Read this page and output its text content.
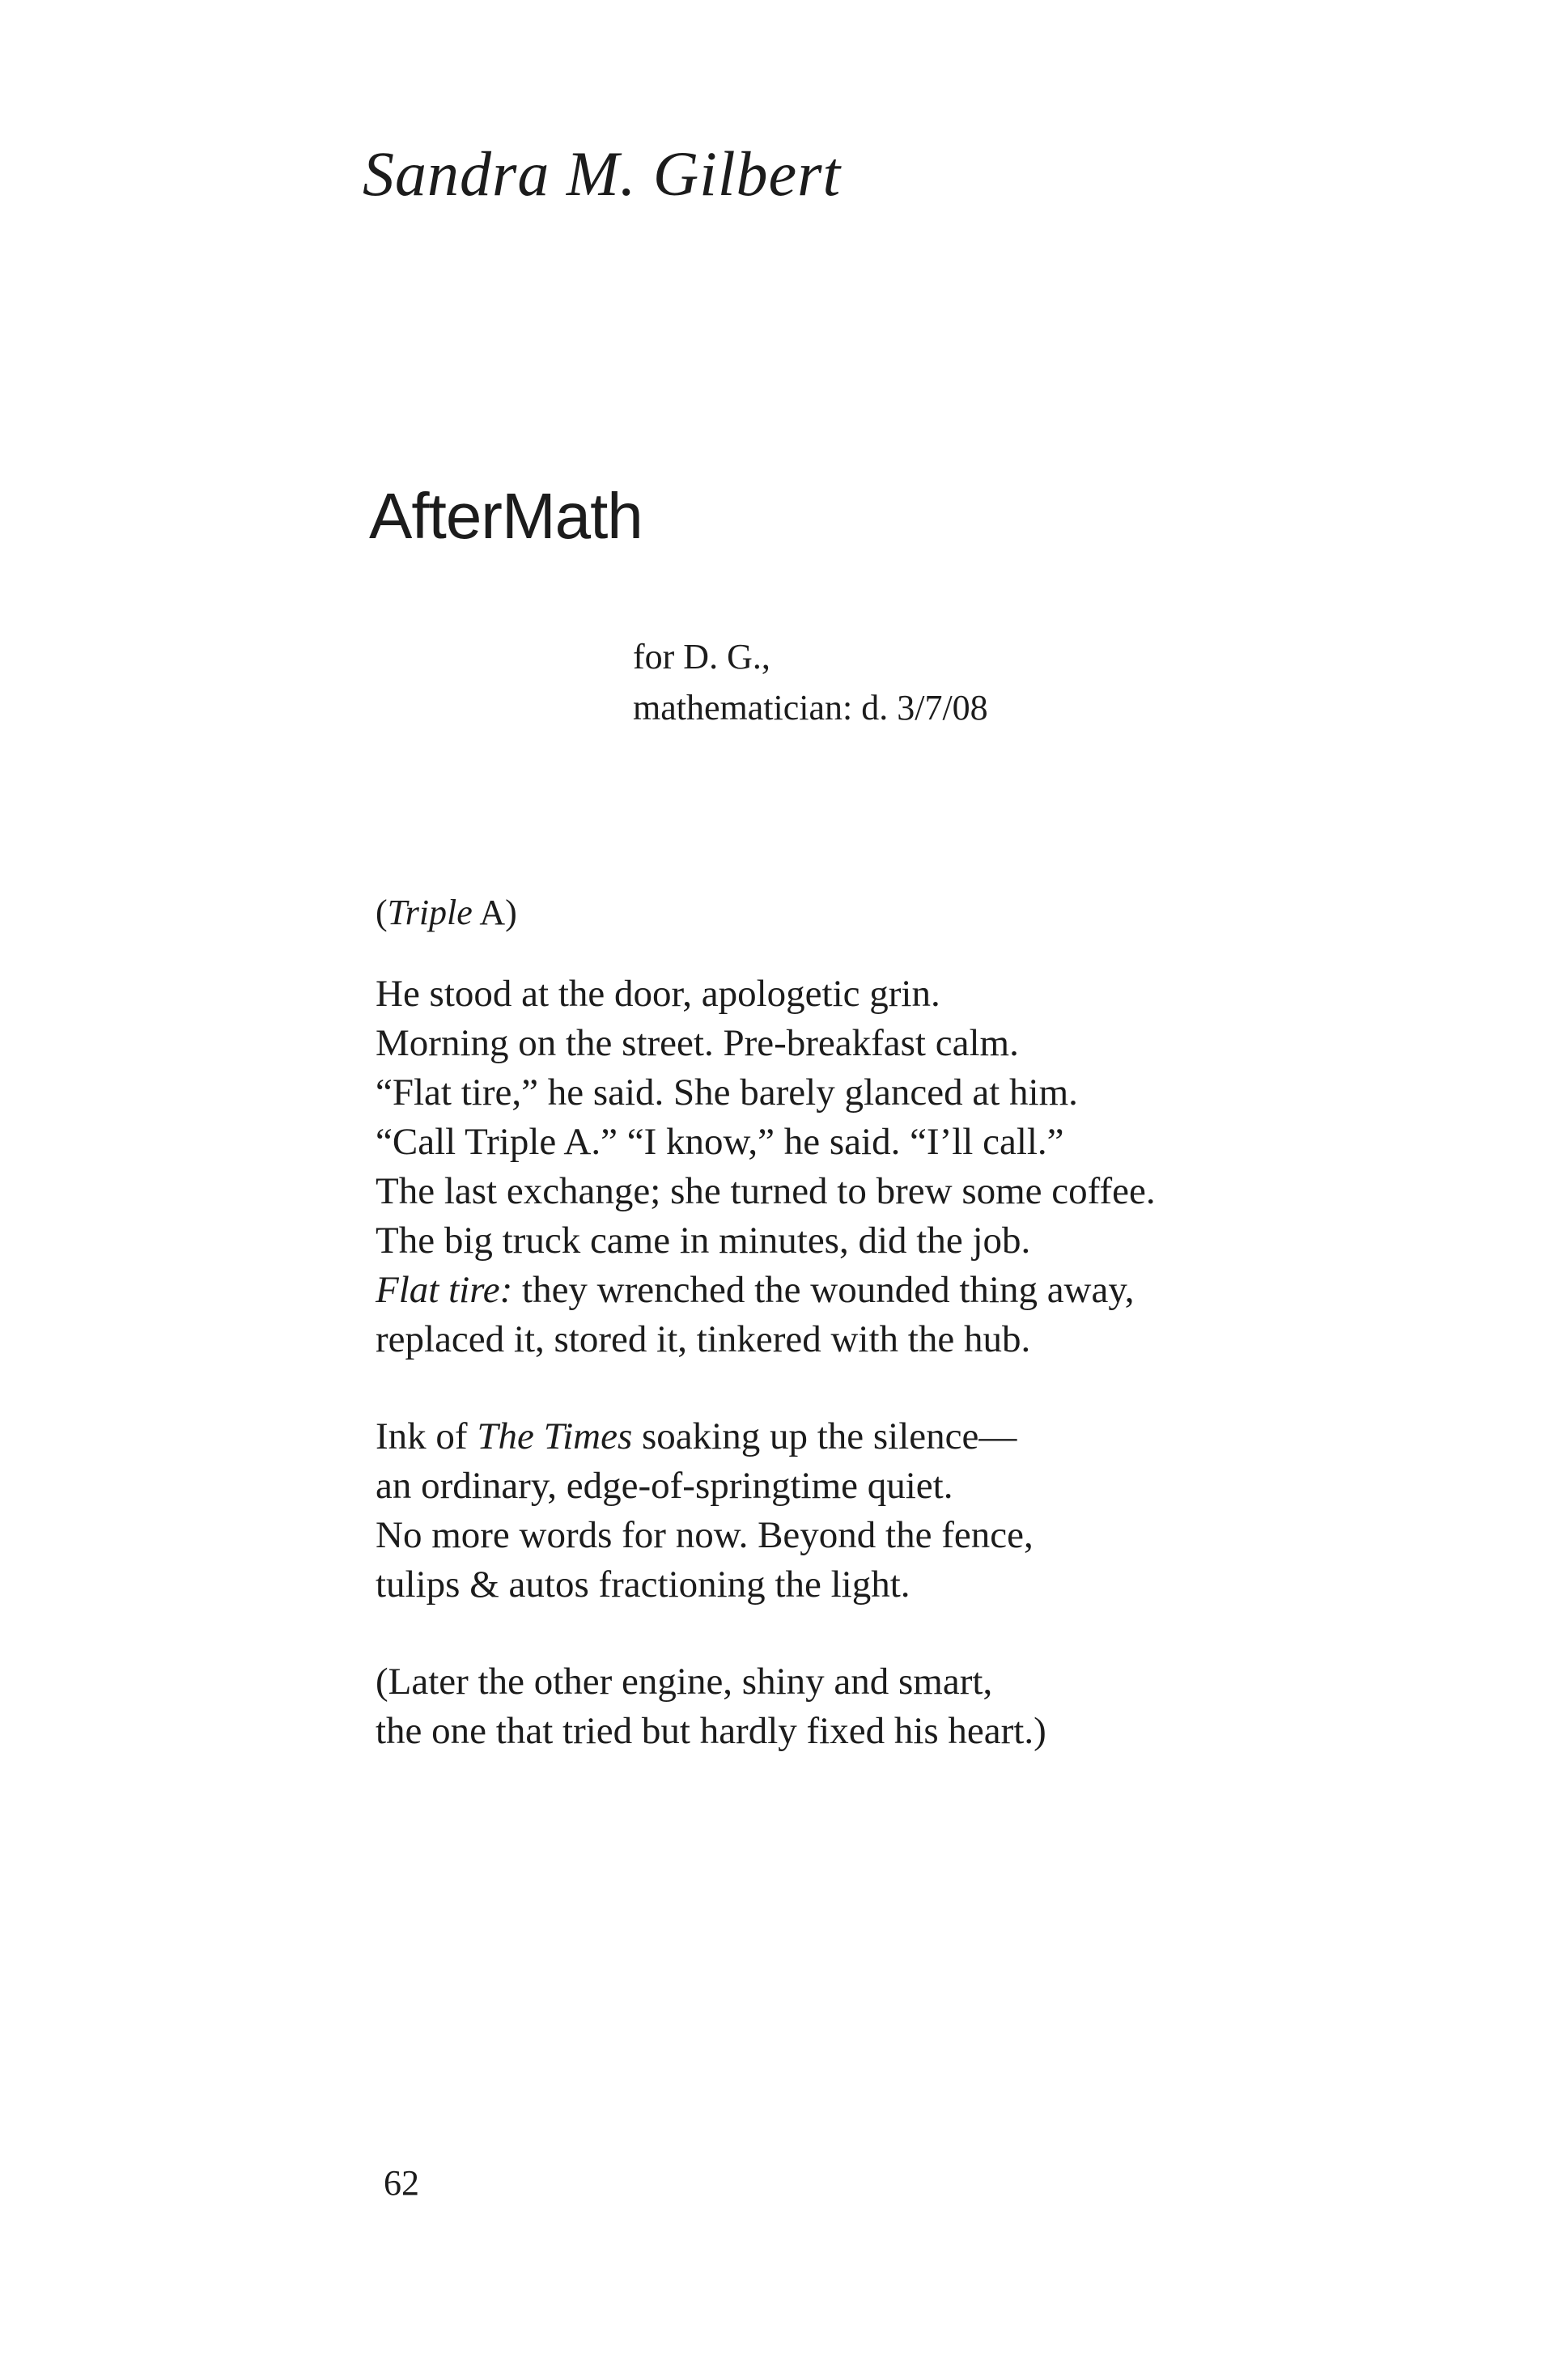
Sandra M. Gilbert
AfterMath
for D. G.,
mathematician: d. 3/7/08
(Triple A)
He stood at the door, apologetic grin.
Morning on the street. Pre-breakfast calm.
“Flat tire,” he said. She barely glanced at him.
“Call Triple A.” “I know,” he said. “I’ll call.”
The last exchange; she turned to brew some coffee.
The big truck came in minutes, did the job.
Flat tire: they wrenched the wounded thing away,
replaced it, stored it, tinkered with the hub.
Ink of The Times soaking up the silence—
an ordinary, edge-of-springtime quiet.
No more words for now. Beyond the fence,
tulips & autos fractioning the light.
(Later the other engine, shiny and smart,
the one that tried but hardly fixed his heart.)
62
